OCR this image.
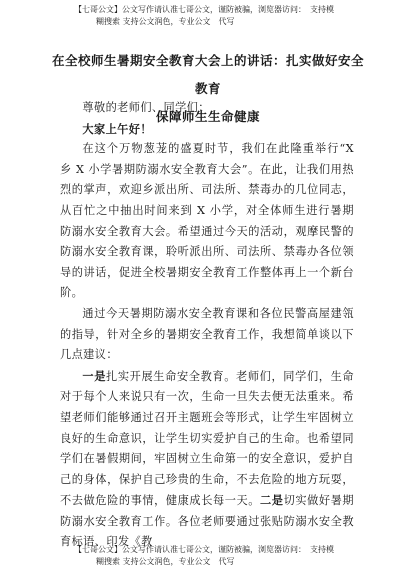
【七哥公文】公文写作请认准七哥公文，谨防被骗，浏览器访问：　支持模
糊搜索 支持公文润色，专业公文　代写
在全校师生暑期安全教育大会上的讲话：扎实做好安全教育
保障师生生命健康

尊敬的老师们、同学们：

大家上午好！

在这个万物葱茏的盛夏时节，我们在此隆重举行“X 乡 X 小学暑期防溺水安全教育大会”。在此，让我们用热烈的掌声，欢迎乡派出所、司法所、禁毒办的几位同志，从百忙之中抽出时间来到 X 小学，对全体师生进行暑期防溺水安全教育大会。希望通过今天的活动，观摩民警的防溺水安全教育课，聆听派出所、司法所、禁毒办各位领导的讲话，促进全校暑期安全教育工作整体再上一个新台阶。

通过今天暑期防溺水安全教育课和各位民警高屋建瓴的指导，针对全乡的暑期安全教育工作，我想简单谈以下几点建议：

一是扎实开展生命安全教育。老师们，同学们，生命对于每个人来说只有一次，生命一旦失去便无法重来。希望老师们能够通过召开主题班会等形式，让学生牢固树立良好的生命意识，让学生切实爱护自己的生命。也希望同学们在暑假期间，牢固树立生命第一的安全意识，爱护自己的身体，保护自己珍贵的生命，不去危险的地方玩耍，不去做危险的事情，健康成长每一天。二是切实做好暑期防溺水安全教育工作。各位老师要通过张贴防溺水安全教育标语、印发《教

【七哥公文】公文写作请认准七哥公文，谨防被骗，浏览器访问：　支持模
糊搜索 支持公文润色，专业公文　代写
